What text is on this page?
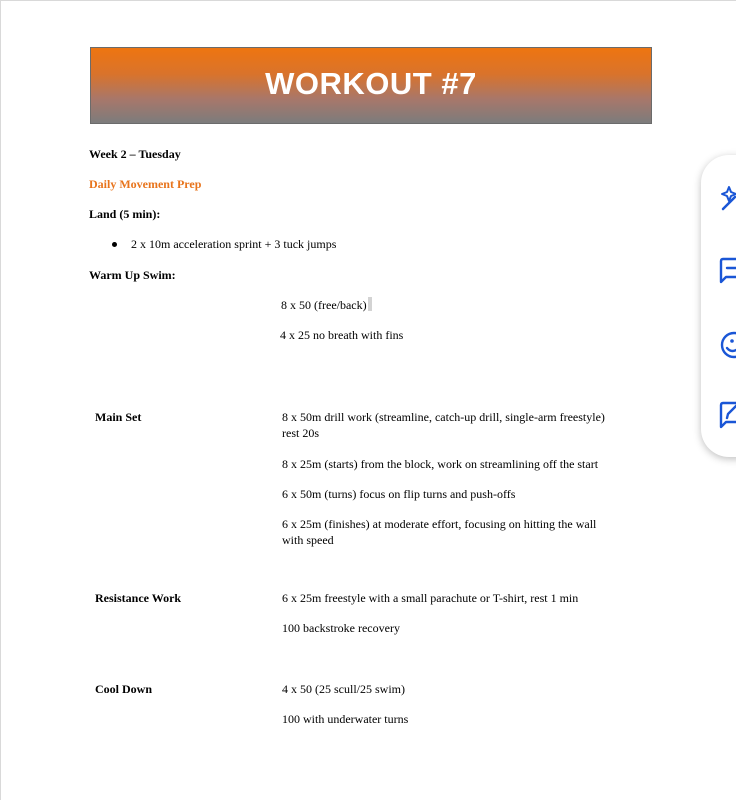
WORKOUT #7
Week 2 – Tuesday
Daily Movement Prep
Land (5 min):
2 x 10m acceleration sprint + 3 tuck jumps
Warm Up Swim:
8 x 50 (free/back)
4 x 25 no breath with fins
Main Set	8 x 50m drill work (streamline, catch-up drill, single-arm freestyle) rest 20s
8 x 25m (starts) from the block, work on streamlining off the start
6 x 50m (turns) focus on flip turns and push-offs
6 x 25m (finishes) at moderate effort, focusing on hitting the wall with speed
Resistance Work	6 x 25m freestyle with a small parachute or T-shirt, rest 1 min
100 backstroke recovery
Cool Down	4 x 50 (25 scull/25 swim)
100 with underwater turns
